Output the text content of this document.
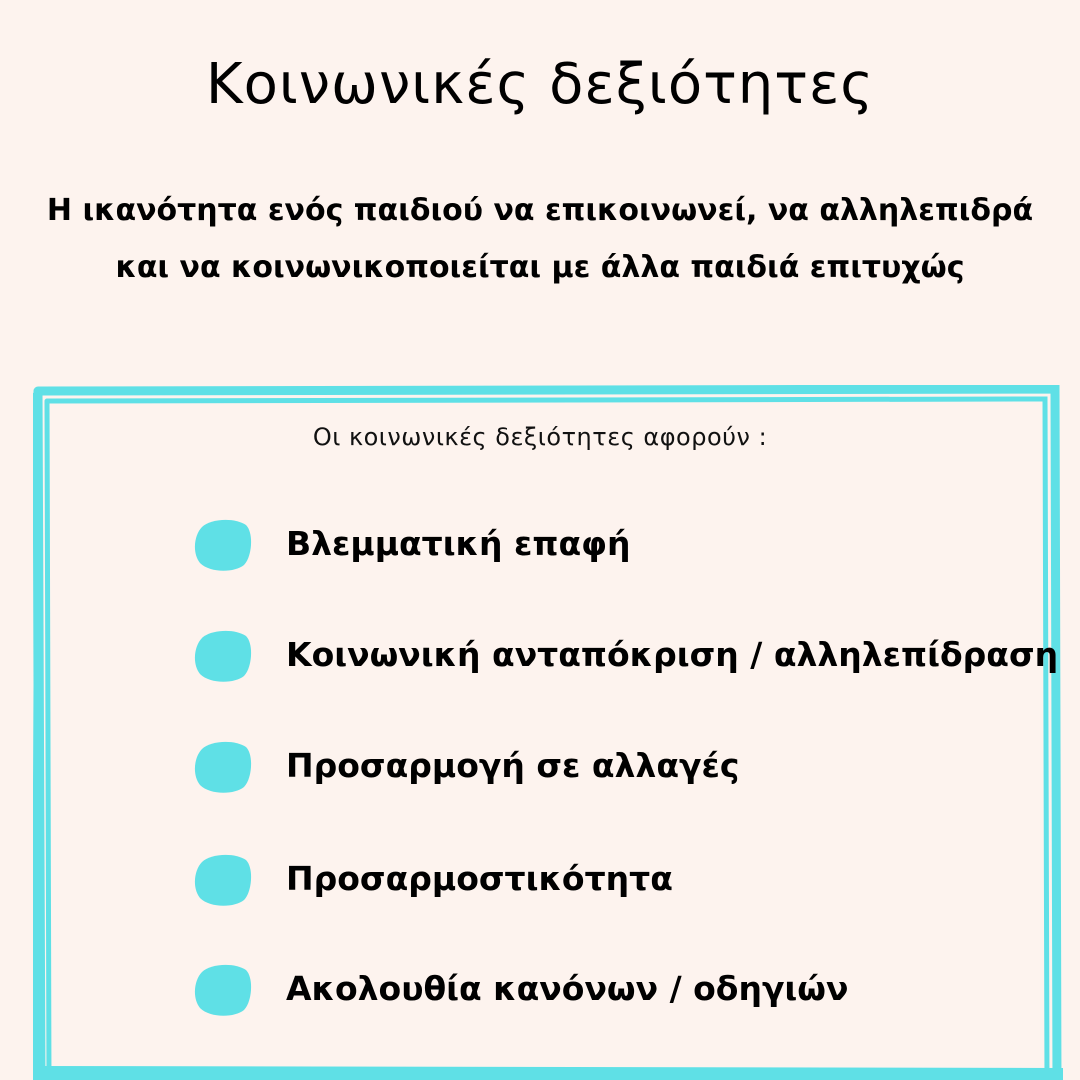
Κοινωνικές δεξιότητες
Η ικανότητα ενός παιδιού να επικοινωνεί, να αλληλεπιδρά
και να κοινωνικοποιείται με άλλα παιδιά επιτυχώς
Οι κοινωνικές δεξιότητες αφορούν :
Βλεμματική επαφή
Κοινωνική ανταπόκριση / αλληλεπίδραση
Προσαρμογή σε αλλαγές
Προσαρμοστικότητα
Ακολουθία κανόνων / οδηγιών
